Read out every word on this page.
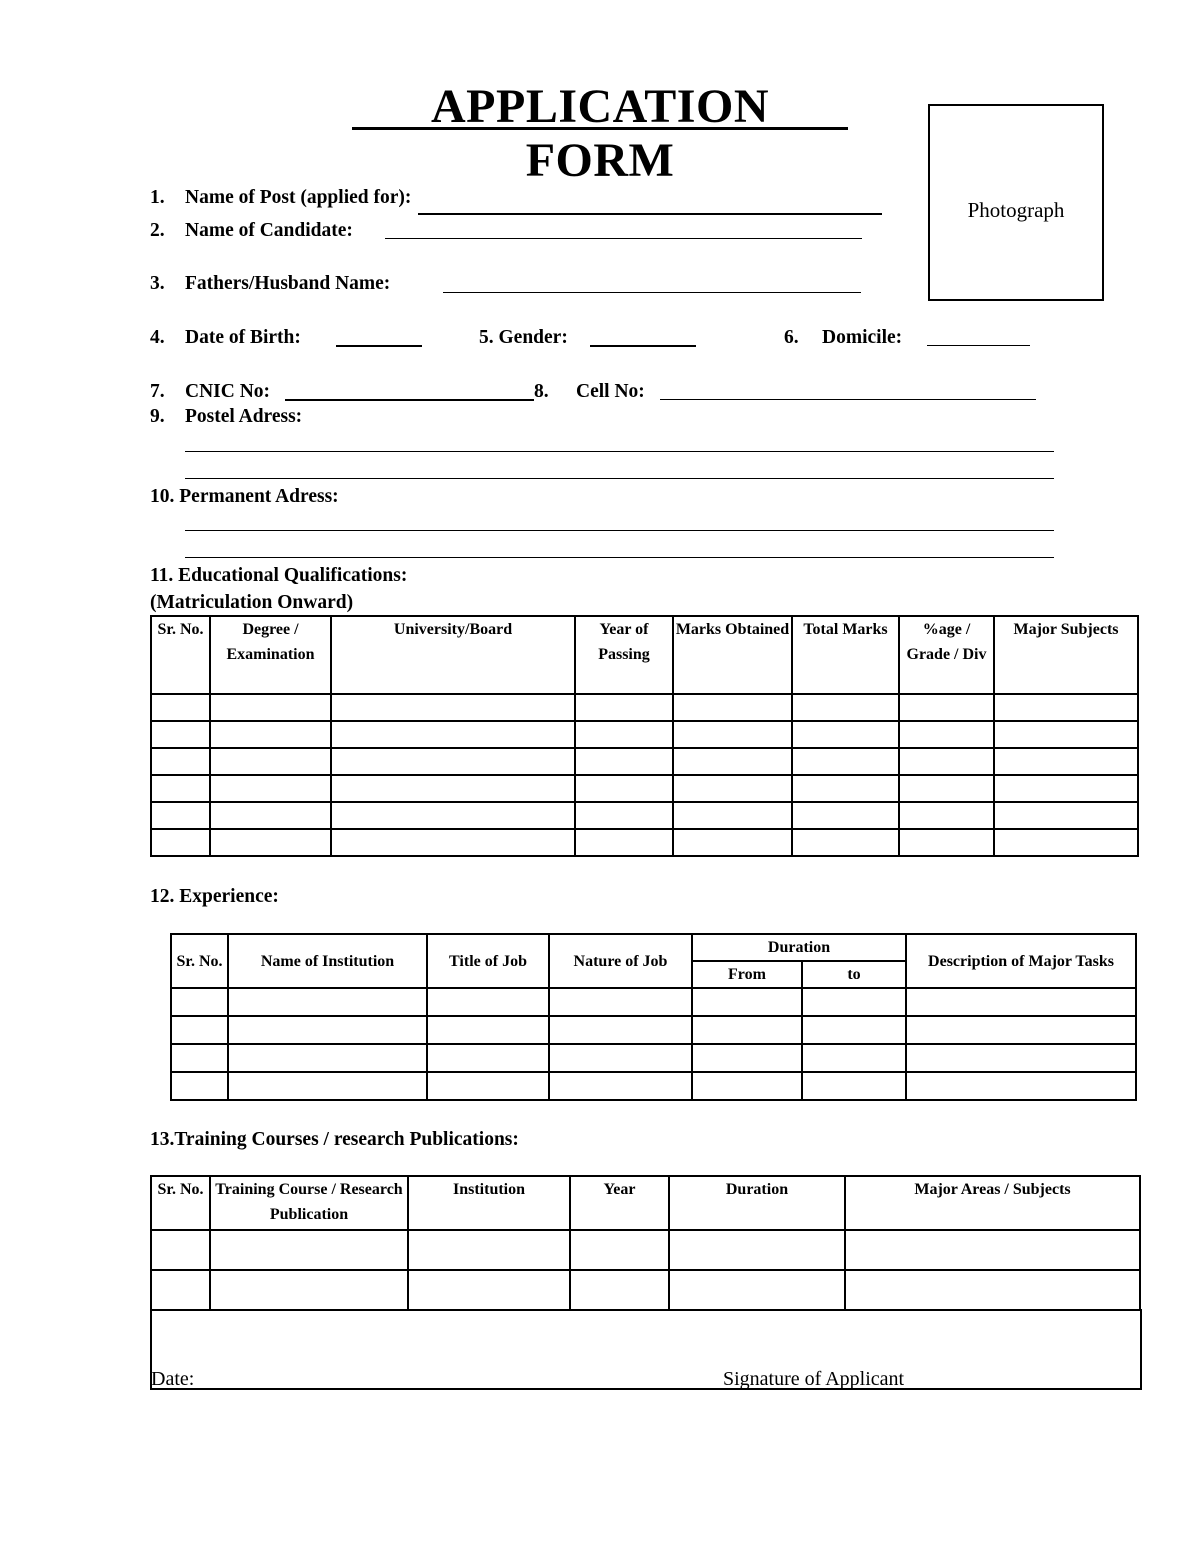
APPLICATION FORM
Photograph
1. Name of Post (applied for):
2. Name of Candidate:
3. Fathers/Husband Name:
4. Date of Birth:	5. Gender:	6. Domicile:
7. CNIC No:	8. Cell No:
9. Postel Adress:
10. Permanent Adress:
11. Educational Qualifications:
(Matriculation Onward)
Sr. No.	Degree / Examination	University/Board	Year of Passing	Marks Obtained	Total Marks	%age / Grade / Div	Major Subjects

12. Experience:
Sr. No.	Name of Institution	Title of Job	Nature of Job	Duration		Description of Major Tasks
				From	to	

13.Training Courses / research Publications:
Sr. No.	Training Course / Research Publication	Institution	Year	Duration	Major Areas / Subjects

Date:	Signature of Applicant
